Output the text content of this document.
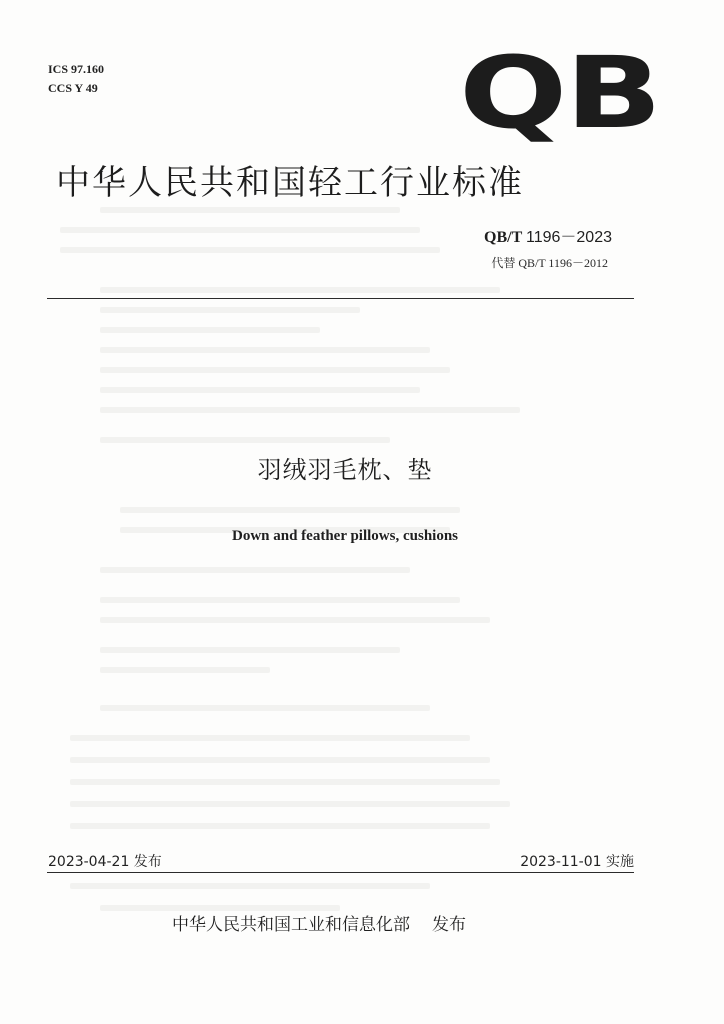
ICS 97.160
CCS Y 49	QB
中华人民共和国轻工行业标准
QB/T 1196－2023
代替 QB/T 1196－2012
羽绒羽毛枕、垫
Down and feather pillows, cushions
2023-04-21 发布	2023-11-01 实施
中华人民共和国工业和信息化部 发布
